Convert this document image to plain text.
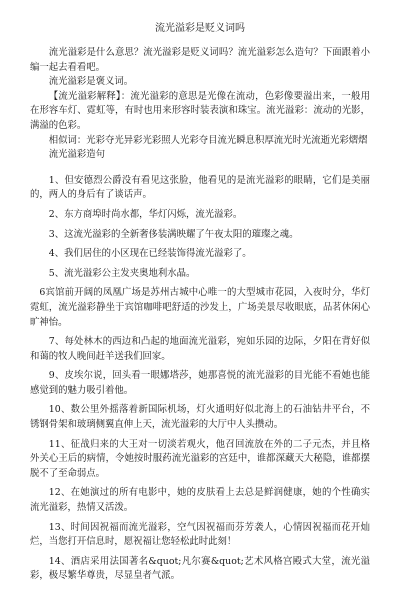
流光溢彩是贬义词吗

流光溢彩是什么意思？流光溢彩是贬义词吗？流光溢彩怎么造句？下面跟着小编一起去看看吧。

流光溢彩是褒义词。

【流光溢彩解释】：流光溢彩的意思是光像在流动，色彩像要溢出来，一般用在形容车灯、霓虹等，有时也用来形容时装表演和珠宝。流光溢彩：流动的光影，满溢的色彩。

相似词：光彩夺光异彩光彩照人光彩夺目流光瞬息积厚流光时光流逝光彩熠熠

流光溢彩造句

1、但安德烈公爵没有看见这张脸，他看见的是流光溢彩的眼睛，它们是美丽的，两人的身后有了谈话声。

2、东方商埠时尚水都，华灯闪烁，流光溢彩。

3、这流光溢彩的全新奢侈装满映耀了午夜太阳的璀璨之魂。

4、我们居住的小区现在已经装饰得流光溢彩了。

5、流光溢彩公主发夹奥地利水晶。

6宾馆前开阔的凤凰广场是苏州古城中心唯一的大型城市花园，入夜时分，华灯霓虹，流光溢彩静坐于宾馆咖啡吧舒适的沙发上，广场美景尽收眼底，品茗休闲心旷神怡。

7、每处林木的西边和凸起的地面流光溢彩，宛如乐园的边际，夕阳在背好似和蔼的牧人晚间赶羊送我们回家。

9、皮埃尔说，回头看一眼娜塔莎，她那喜悦的流光溢彩的目光能不看她也能感觉到的魅力吸引着他。

10、数公里外摇落着新国际机场，灯火通明好似北海上的石油钻井平台，不锈钢骨架和玻璃侧翼直伸上天，流光溢彩的大厅中人头攒动。

11、征战归来的大王对一切淡若观火，他召回流放在外的二子元杰，并且格外关心王后的病情，令她按时服药流光溢彩的宫廷中，谁都深藏天大秘隐，谁都摆脱不了至命弱点。

12、在她演过的所有电影中，她的皮肤看上去总是鲜润健康，她的个性确实流光溢彩，热情又活泼。

13、时间因祝福而流光溢彩，空气因祝福而芬芳袭人，心情因祝福而花开灿烂，当您打开信息时，愿祝福让您轻松此时此刻！

14、酒店采用法国著名&quot;凡尔赛&quot;艺术风格宫殿式大堂，流光溢彩，极尽繁华尊贵，尽显皇者气派。
